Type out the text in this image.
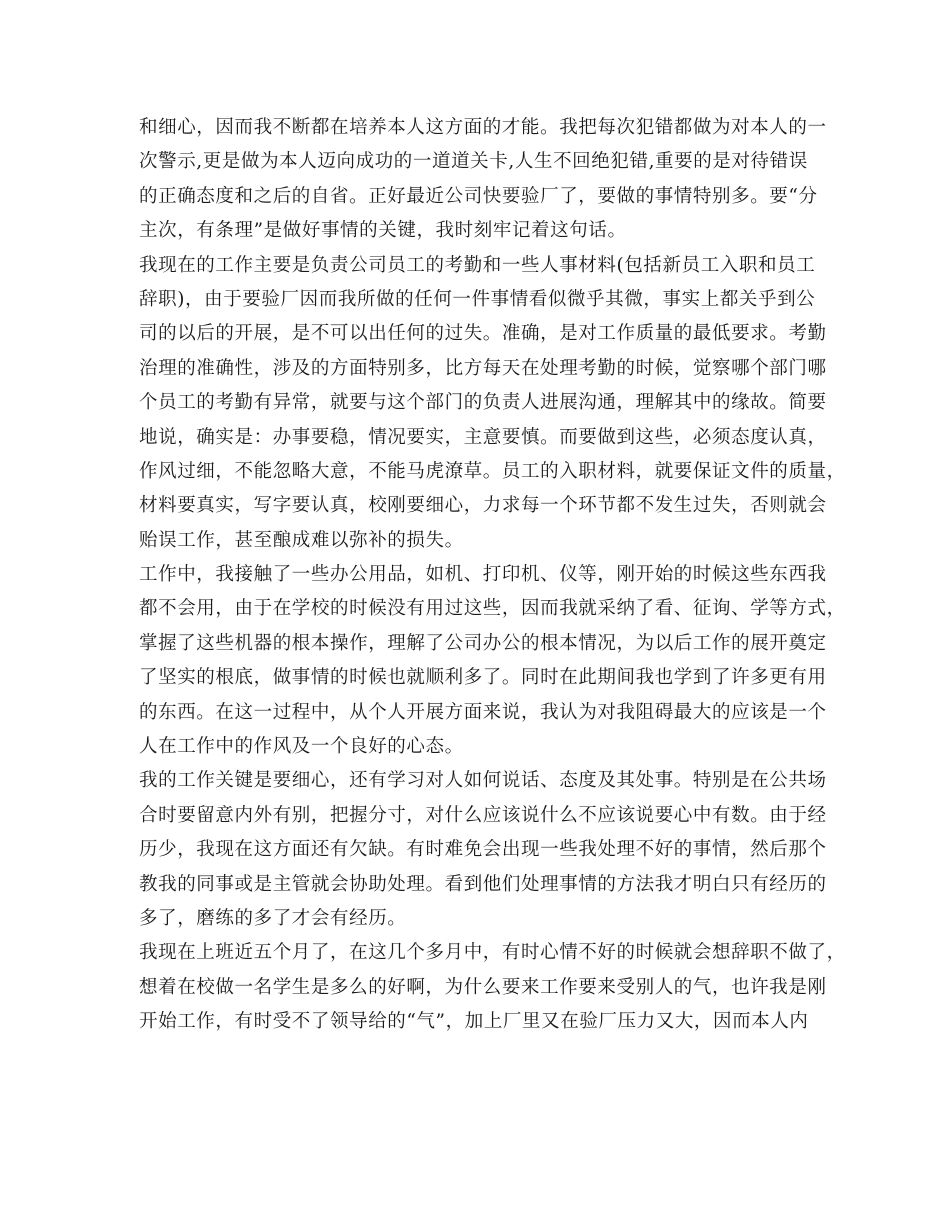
和细心，因而我不断都在培养本人这方面的才能。我把每次犯错都做为对本人的一
次警示,更是做为本人迈向成功的一道道关卡,人生不回绝犯错,重要的是对待错误
的正确态度和之后的自省。正好最近公司快要验厂了，要做的事情特别多。要“分
主次，有条理”是做好事情的关键，我时刻牢记着这句话。
我现在的工作主要是负责公司员工的考勤和一些人事材料(包括新员工入职和员工
辞职)，由于要验厂因而我所做的任何一件事情看似微乎其微，事实上都关乎到公
司的以后的开展，是不可以出任何的过失。准确，是对工作质量的最低要求。考勤
治理的准确性，涉及的方面特别多，比方每天在处理考勤的时候，觉察哪个部门哪
个员工的考勤有异常，就要与这个部门的负责人进展沟通，理解其中的缘故。简要
地说，确实是：办事要稳，情况要实，主意要慎。而要做到这些，必须态度认真，
作风过细，不能忽略大意，不能马虎潦草。员工的入职材料，就要保证文件的质量，
材料要真实，写字要认真，校刚要细心，力求每一个环节都不发生过失，否则就会
贻误工作，甚至酿成难以弥补的损失。
工作中，我接触了一些办公用品，如机、打印机、仪等，刚开始的时候这些东西我
都不会用，由于在学校的时候没有用过这些，因而我就采纳了看、征询、学等方式，
掌握了这些机器的根本操作，理解了公司办公的根本情况，为以后工作的展开奠定
了坚实的根底，做事情的时候也就顺利多了。同时在此期间我也学到了许多更有用
的东西。在这一过程中，从个人开展方面来说，我认为对我阻碍最大的应该是一个
人在工作中的作风及一个良好的心态。
我的工作关键是要细心，还有学习对人如何说话、态度及其处事。特别是在公共场
合时要留意内外有别，把握分寸，对什么应该说什么不应该说要心中有数。由于经
历少，我现在这方面还有欠缺。有时难免会出现一些我处理不好的事情，然后那个
教我的同事或是主管就会协助处理。看到他们处理事情的方法我才明白只有经历的
多了，磨练的多了才会有经历。
我现在上班近五个月了，在这几个多月中，有时心情不好的时候就会想辞职不做了，
想着在校做一名学生是多么的好啊，为什么要来工作要来受别人的气，也许我是刚
开始工作，有时受不了领导给的“气”，加上厂里又在验厂压力又大，因而本人内
